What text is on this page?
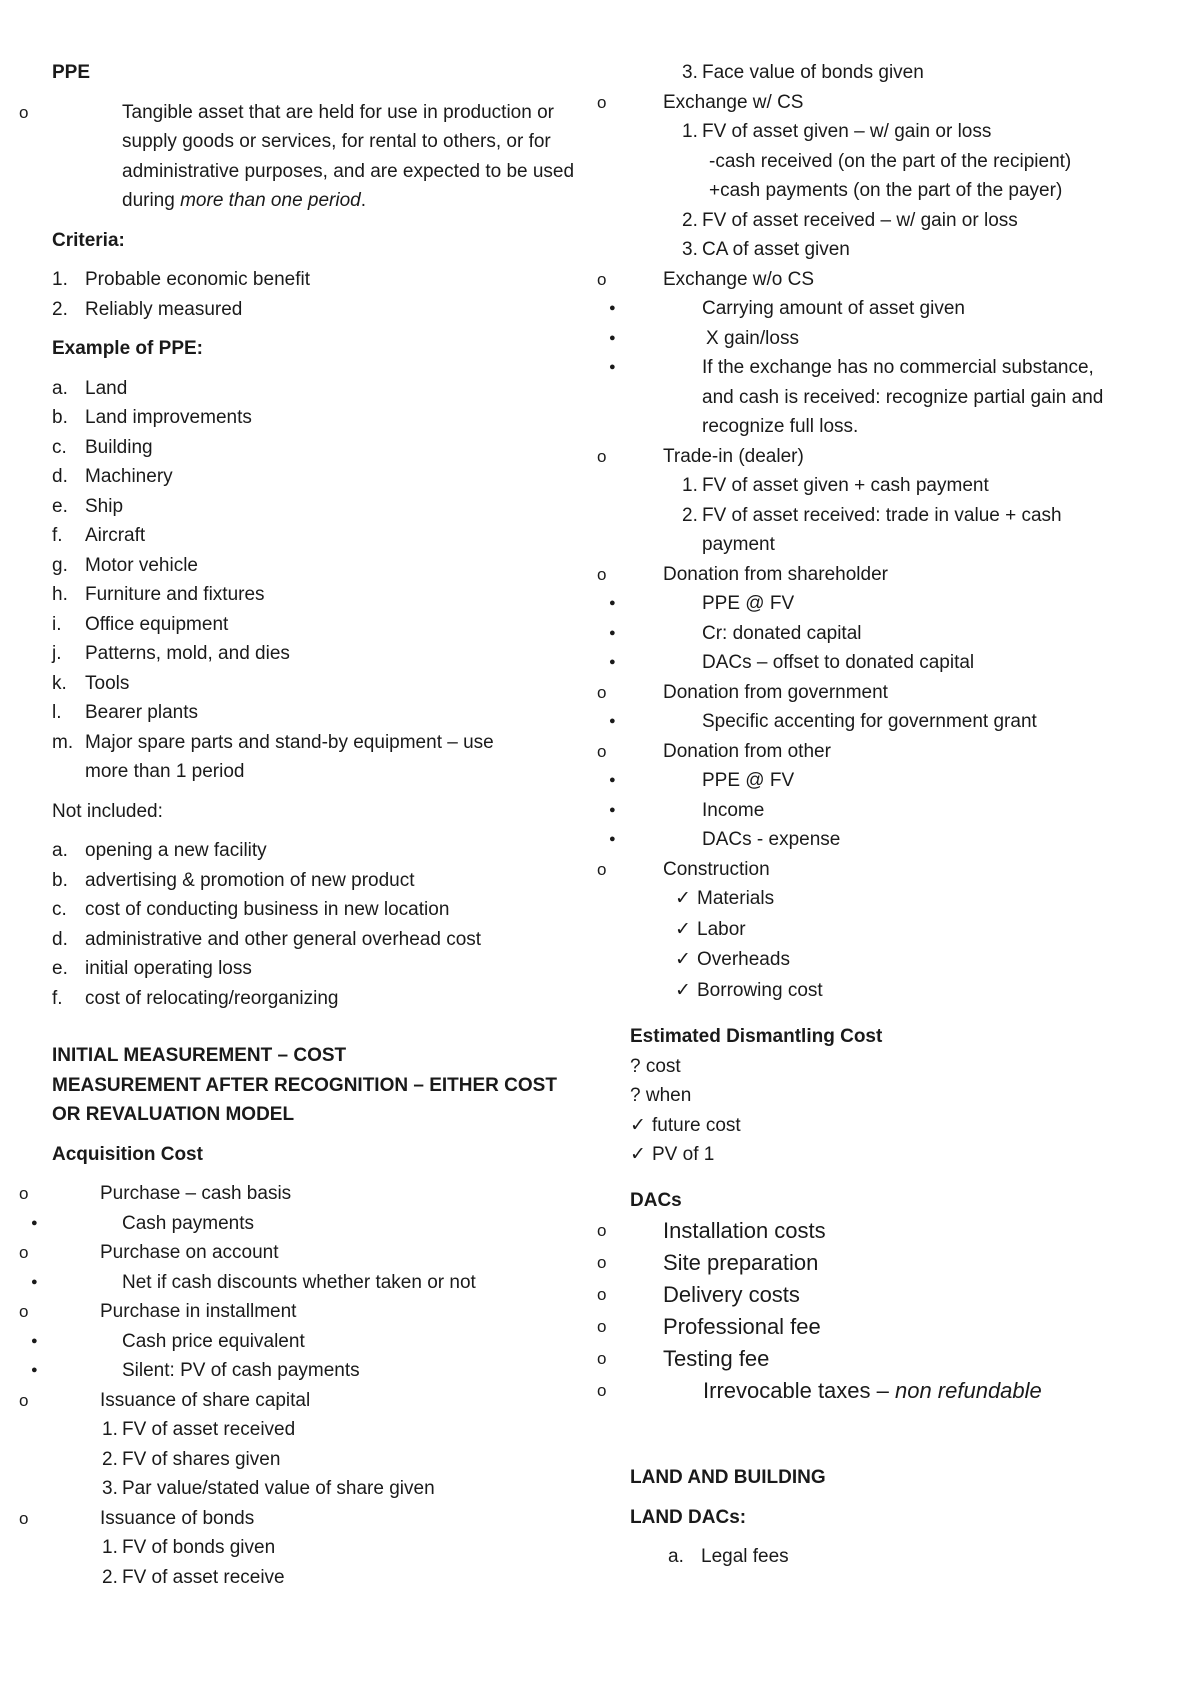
PPE
o Tangible asset that are held for use in production or
supply goods or services, for rental to others, or for
administrative purposes, and are expected to be used
during more than one period.
Criteria:
1. Probable economic benefit
2. Reliably measured
Example of PPE:
a. Land
b. Land improvements
c. Building
d. Machinery
e. Ship
f. Aircraft
g. Motor vehicle
h. Furniture and fixtures
i. Office equipment
j. Patterns, mold, and dies
k. Tools
l. Bearer plants
m. Major spare parts and stand-by equipment – use
more than 1 period
Not included:
a. opening a new facility
b. advertising & promotion of new product
c. cost of conducting business in new location
d. administrative and other general overhead cost
e. initial operating loss
f. cost of relocating/reorganizing
INITIAL MEASUREMENT – COST
MEASUREMENT AFTER RECOGNITION – EITHER COST
OR REVALUATION MODEL
Acquisition Cost
o Purchase – cash basis
● Cash payments
o Purchase on account
● Net if cash discounts whether taken or not
o Purchase in installment
● Cash price equivalent
● Silent: PV of cash payments
o Issuance of share capital
1. FV of asset received
2. FV of shares given
3. Par value/stated value of share given
o Issuance of bonds
1. FV of bonds given
2. FV of asset receive
3. Face value of bonds given
o Exchange w/ CS
1. FV of asset given – w/ gain or loss
-cash received (on the part of the recipient)
+cash payments (on the part of the payer)
2. FV of asset received – w/ gain or loss
3. CA of asset given
o Exchange w/o CS
● Carrying amount of asset given
● X gain/loss
● If the exchange has no commercial substance,
and cash is received: recognize partial gain and
recognize full loss.
o Trade-in (dealer)
1. FV of asset given + cash payment
2. FV of asset received: trade in value + cash
payment
o Donation from shareholder
● PPE @ FV
● Cr: donated capital
● DACs – offset to donated capital
o Donation from government
● Specific accenting for government grant
o Donation from other
● PPE @ FV
● Income
● DACs - expense
o Construction
✓ Materials
✓ Labor
✓ Overheads
✓ Borrowing cost
Estimated Dismantling Cost
? cost
? when
✓ future cost
✓ PV of 1
DACs
o Installation costs
o Site preparation
o Delivery costs
o Professional fee
o Testing fee
o Irrevocable taxes – non refundable
LAND AND BUILDING
LAND DACs:
a. Legal fees
